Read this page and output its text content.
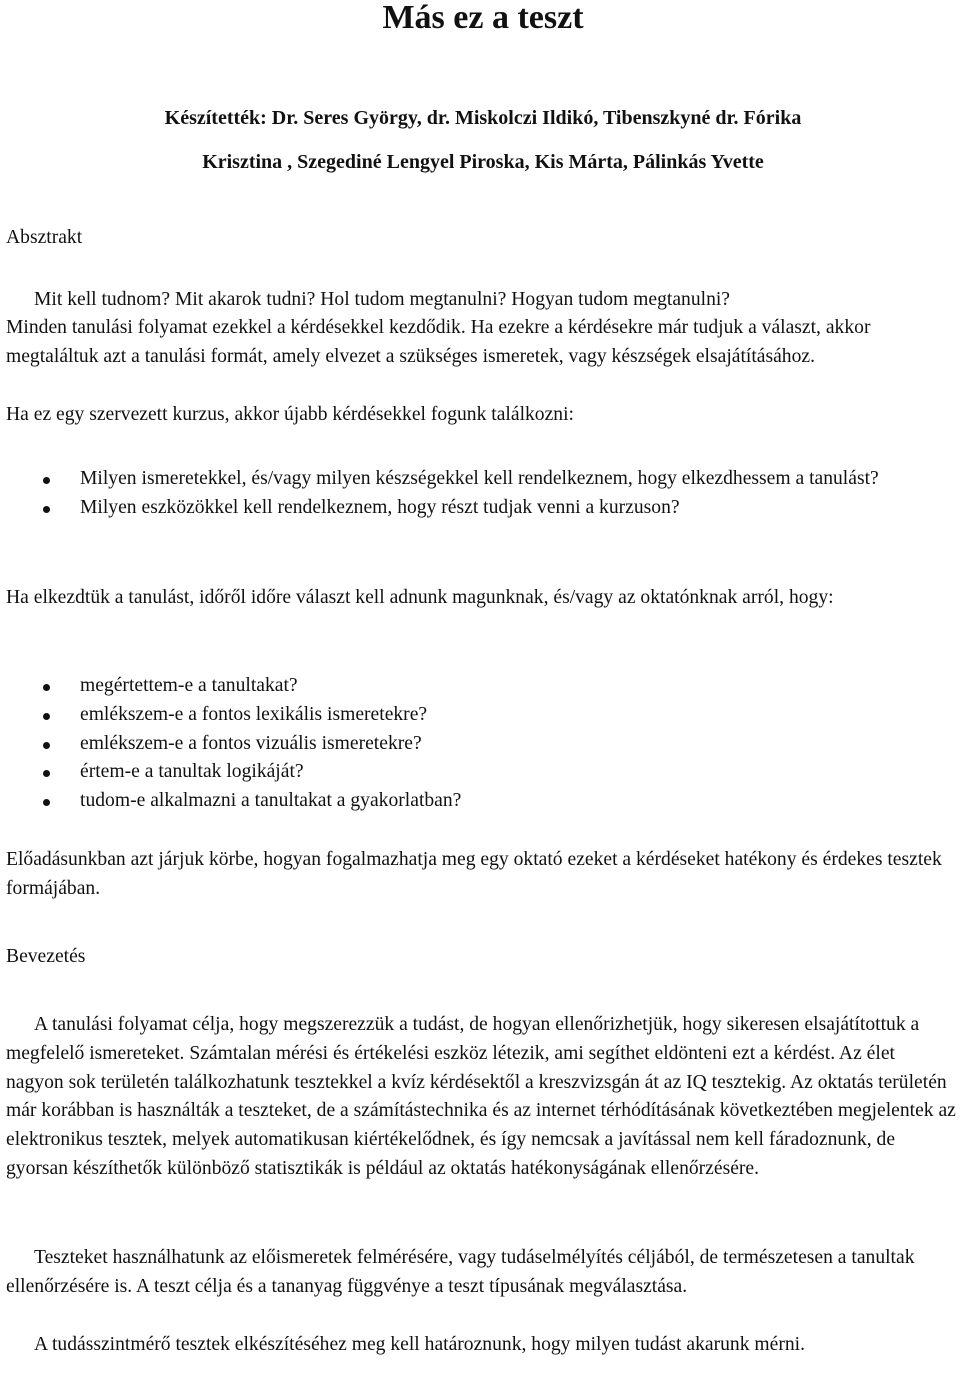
Más ez a teszt
Készítették: Dr. Seres György, dr. Miskolczi Ildikó, Tibenszkyné dr. Fórika
Krisztina , Szegediné Lengyel Piroska, Kis Márta, Pálinkás Yvette
Absztrakt

Mit kell tudnom? Mit akarok tudni? Hol tudom megtanulni? Hogyan tudom megtanulni?

Minden tanulási folyamat ezekkel a kérdésekkel kezdődik. Ha ezekre a kérdésekre már tudjuk a választ, akkor megtaláltuk azt a tanulási formát, amely elvezet a szükséges ismeretek, vagy készségek elsajátításához.

Ha ez egy szervezett kurzus, akkor újabb kérdésekkel fogunk találkozni:

Milyen ismeretekkel, és/vagy milyen készségekkel kell rendelkeznem, hogy elkezdhessem a tanulást?
Milyen eszközökkel kell rendelkeznem, hogy részt tudjak venni a kurzuson?

Ha elkezdtük a tanulást, időről időre választ kell adnunk magunknak, és/vagy az oktatónknak arról, hogy:

megértettem-e a tanultakat?
emlékszem-e a fontos lexikális ismeretekre?
emlékszem-e a fontos vizuális ismeretekre?
értem-e a tanultak logikáját?
tudom-e alkalmazni a tanultakat a gyakorlatban?

Előadásunkban azt járjuk körbe, hogyan fogalmazhatja meg egy oktató ezeket a kérdéseket hatékony és érdekes tesztek formájában.

Bevezetés

A tanulási folyamat célja, hogy megszerezzük a tudást, de hogyan ellenőrizhetjük, hogy sikeresen elsajátítottuk a megfelelő ismereteket. Számtalan mérési és értékelési eszköz létezik, ami segíthet eldönteni ezt a kérdést. Az élet nagyon sok területén találkozhatunk tesztekkel a kvíz kérdésektől a kreszvizsgán át az IQ tesztekig. Az oktatás területén már korábban is használták a teszteket, de a számítástechnika és az internet térhódításának következtében megjelentek az elektronikus tesztek, melyek automatikusan kiértékelődnek, és így nemcsak a javítással nem kell fáradoznunk, de gyorsan készíthetők különböző statisztikák is például az oktatás hatékonyságának ellenőrzésére.

Teszteket használhatunk az előismeretek felmérésére, vagy tudáselmélyítés céljából, de természetesen a tanultak ellenőrzésére is. A teszt célja és a tananyag függvénye a teszt típusának megválasztása.

A tudásszintmérő tesztek elkészítéséhez meg kell határoznunk, hogy milyen tudást akarunk mérni.
